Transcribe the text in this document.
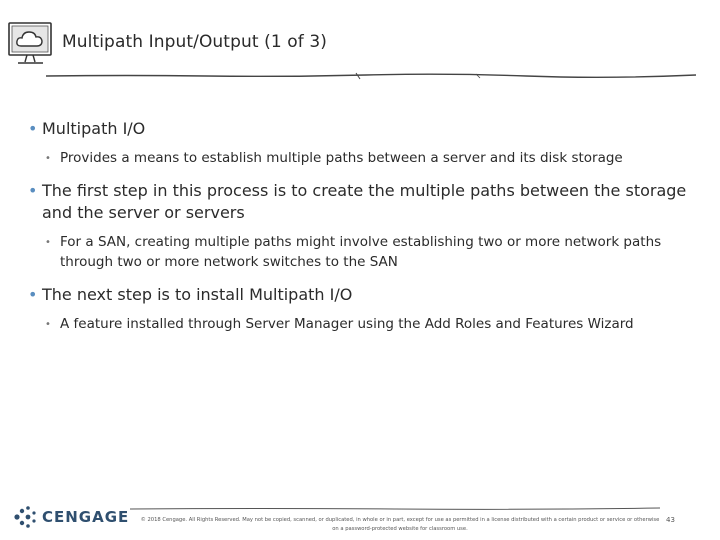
Multipath Input/Output (1 of 3)
• Multipath I/O
• Provides a means to establish multiple paths between a server and its disk storage
• The first step in this process is to create the multiple paths between the storage and the server or servers
• For a SAN, creating multiple paths might involve establishing two or more network paths through two or more network switches to the SAN
• The next step is to install Multipath I/O
• A feature installed through Server Manager using the Add Roles and Features Wizard
CENGAGE © 2018 Cengage. All Rights Reserved. May not be copied, scanned, or duplicated, in whole or in part, except for use as permitted in a license distributed with a certain product or service or otherwise on a password-protected website for classroom use.
43
